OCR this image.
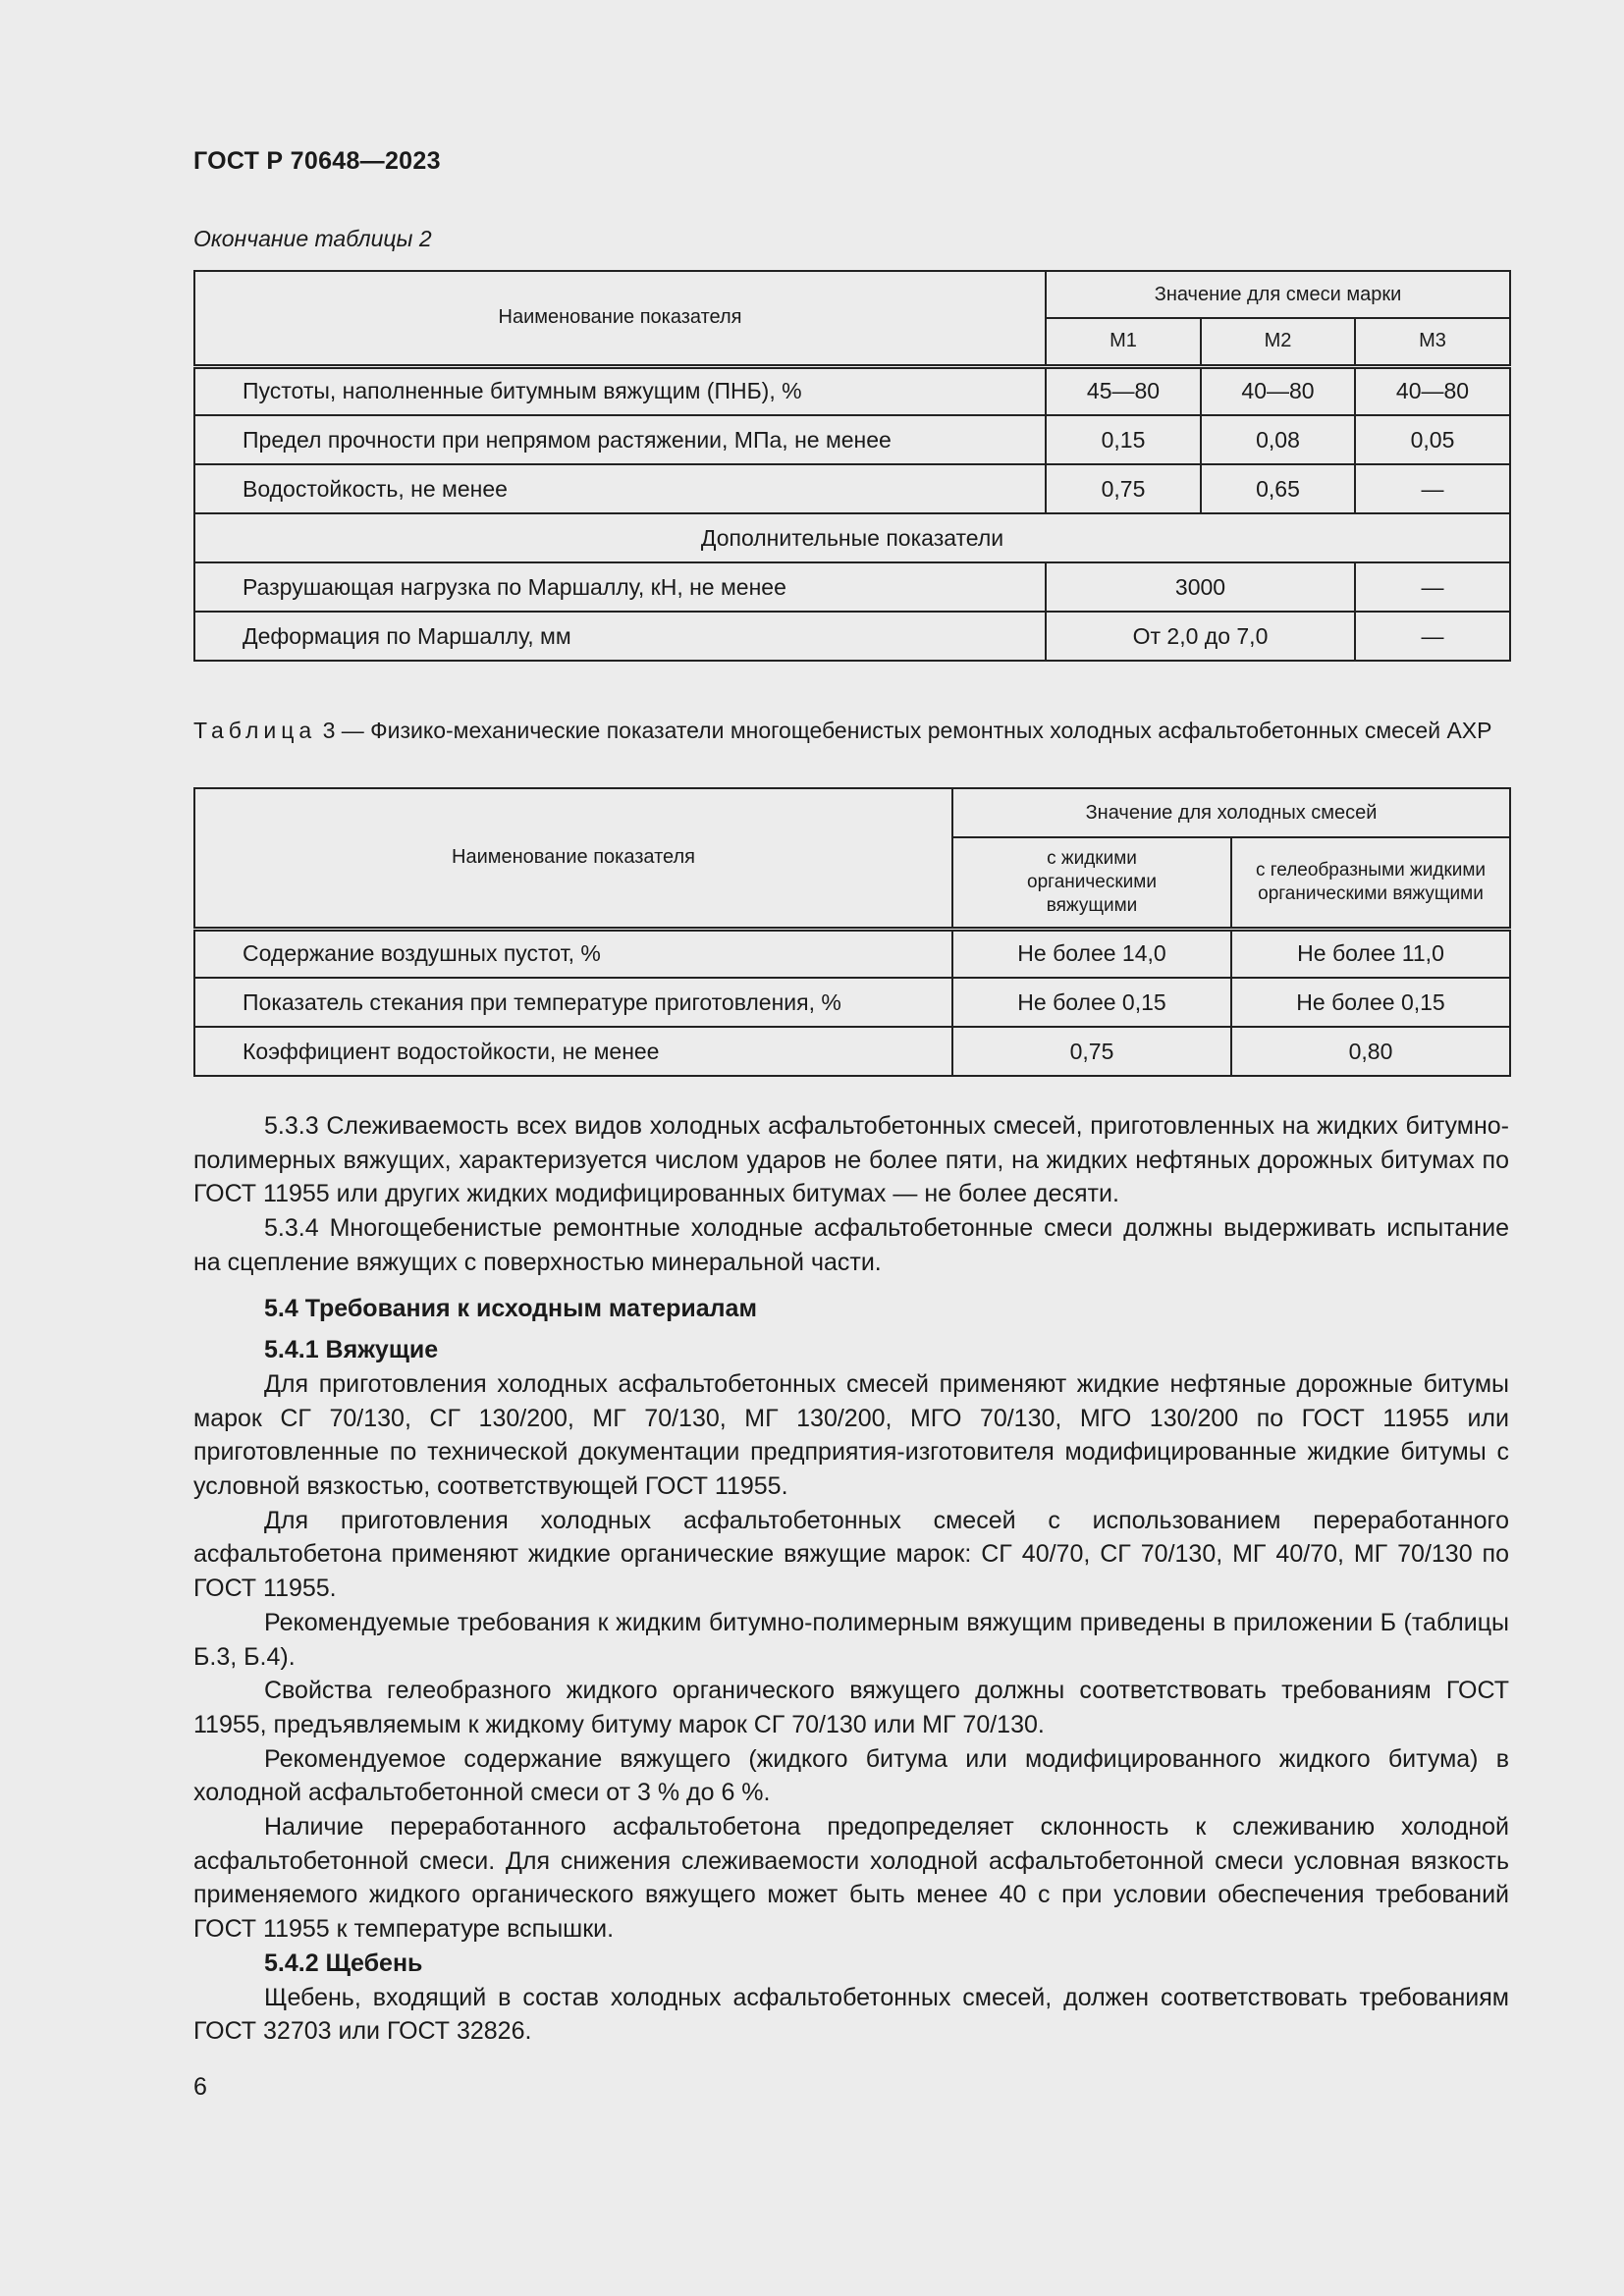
ГОСТ Р 70648—2023
Окончание таблицы 2
Наименование показателя	Значение для смеси марки		
	М1	М2	М3
Пустоты, наполненные битумным вяжущим (ПНБ), %	45—80	40—80	40—80
Предел прочности при непрямом растяжении, МПа, не менее	0,15	0,08	0,05
Водостойкость, не менее	0,75	0,65	—
Дополнительные показатели			
Разрушающая нагрузка по Маршаллу, кН, не менее	3000		—
Деформация по Маршаллу, мм	От 2,0 до 7,0		—
Таблица 3 — Физико-механические показатели многощебенистых ремонтных холодных асфальтобетонных смесей АХР
Наименование показателя	Значение для холодных смесей	
	с жидкими органическими вяжущими	с гелеобразными жидкими органическими вяжущими
Содержание воздушных пустот, %	Не более 14,0	Не более 11,0
Показатель стекания при температуре приготовления, %	Не более 0,15	Не более 0,15
Коэффициент водостойкости, не менее	0,75	0,80

5.3.3 Слеживаемость всех видов холодных асфальтобетонных смесей, приготовленных на жидких битумно-полимерных вяжущих, характеризуется числом ударов не более пяти, на жидких нефтяных дорожных битумах по ГОСТ 11955 или других жидких модифицированных битумах — не более десяти.

5.3.4 Многощебенистые ремонтные холодные асфальтобетонные смеси должны выдерживать испытание на сцепление вяжущих с поверхностью минеральной части.

5.4 Требования к исходным материалам
5.4.1 Вяжущие

Для приготовления холодных асфальтобетонных смесей применяют жидкие нефтяные дорожные битумы марок СГ 70/130, СГ 130/200, МГ 70/130, МГ 130/200, МГО 70/130, МГО 130/200 по ГОСТ 11955 или приготовленные по технической документации предприятия-изготовителя модифицированные жидкие битумы с условной вязкостью, соответствующей ГОСТ 11955.

Для приготовления холодных асфальтобетонных смесей с использованием переработанного асфальтобетона применяют жидкие органические вяжущие марок: СГ 40/70, СГ 70/130, МГ 40/70, МГ 70/130 по ГОСТ 11955.

Рекомендуемые требования к жидким битумно-полимерным вяжущим приведены в приложении Б (таблицы Б.3, Б.4).

Свойства гелеобразного жидкого органического вяжущего должны соответствовать требованиям ГОСТ 11955, предъявляемым к жидкому битуму марок СГ 70/130 или МГ 70/130.

Рекомендуемое содержание вяжущего (жидкого битума или модифицированного жидкого битума) в холодной асфальтобетонной смеси от 3 % до 6 %.

Наличие переработанного асфальтобетона предопределяет склонность к слеживанию холодной асфальтобетонной смеси. Для снижения слеживаемости холодной асфальтобетонной смеси условная вязкость применяемого жидкого органического вяжущего может быть менее 40 с при условии обеспечения требований ГОСТ 11955 к температуре вспышки.

5.4.2 Щебень

Щебень, входящий в состав холодных асфальтобетонных смесей, должен соответствовать требованиям ГОСТ 32703 или ГОСТ 32826.

6
